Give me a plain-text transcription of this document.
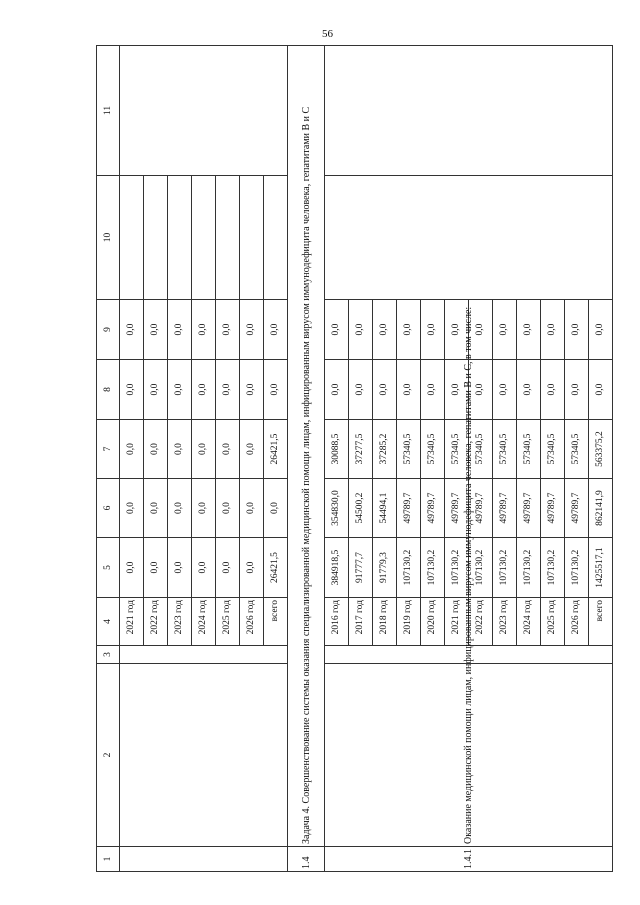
56
1	2	3	4	5	6	7	8	9	10	11
			2021 год	0,0	0,0	0,0	0,0	0,0		
			2022 год	0,0	0,0	0,0	0,0	0,0		
			2023 год	0,0	0,0	0,0	0,0	0,0		
			2024 год	0,0	0,0	0,0	0,0	0,0		
			2025 год	0,0	0,0	0,0	0,0	0,0		
			2026 год	0,0	0,0	0,0	0,0	0,0		
			всего	26421,5	0,0	26421,5	0,0	0,0		
1.4	Задача 4. Совершенствование системы оказания специализированной медицинской помощи лицам, инфицированным вирусом иммунодефицита человека, гепатитами В и С									
1.4.1	Оказание медицинской помощи лицам, инфицированным вирусом иммунодефицита человека, гепатитами В и С, в том числе:		2016 год	384918,5	354830,0	30088,5	0,0	0,0		
			2017 год	91777,7	54500,2	37277,5	0,0	0,0		
			2018 год	91779,3	54494,1	37285,2	0,0	0,0		
			2019 год	107130,2	49789,7	57340,5	0,0	0,0		
			2020 год	107130,2	49789,7	57340,5	0,0	0,0		
			2021 год	107130,2	49789,7	57340,5	0,0	0,0		
			2022 год	107130,2	49789,7	57340,5	0,0	0,0		
			2023 год	107130,2	49789,7	57340,5	0,0	0,0		
			2024 год	107130,2	49789,7	57340,5	0,0	0,0		
			2025 год	107130,2	49789,7	57340,5	0,0	0,0		
			2026 год	107130,2	49789,7	57340,5	0,0	0,0		
			всего	1425517,1	862141,9	563375,2	0,0	0,0		
